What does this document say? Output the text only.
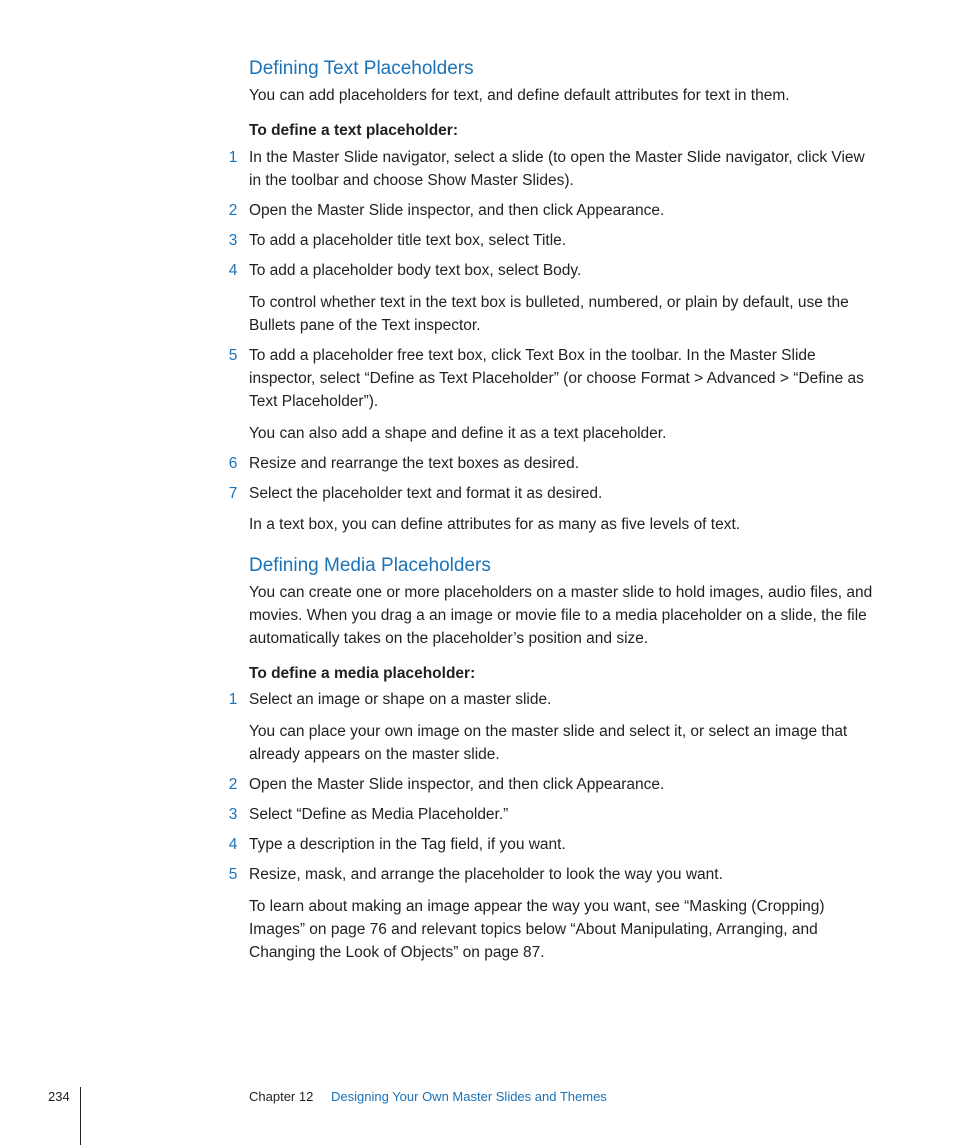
Defining Text Placeholders

You can add placeholders for text, and define default attributes for text in them.

To define a text placeholder:

1 In the Master Slide navigator, select a slide (to open the Master Slide navigator, click View in the toolbar and choose Show Master Slides).
2 Open the Master Slide inspector, and then click Appearance.
3 To add a placeholder title text box, select Title.
4 To add a placeholder body text box, select Body.

To control whether text in the text box is bulleted, numbered, or plain by default, use the Bullets pane of the Text inspector.

5 To add a placeholder free text box, click Text Box in the toolbar. In the Master Slide inspector, select “Define as Text Placeholder” (or choose Format > Advanced > “Define as Text Placeholder”).

You can also add a shape and define it as a text placeholder.

6 Resize and rearrange the text boxes as desired.
7 Select the placeholder text and format it as desired.

In a text box, you can define attributes for as many as five levels of text.

Defining Media Placeholders

You can create one or more placeholders on a master slide to hold images, audio files, and movies. When you drag a an image or movie file to a media placeholder on a slide, the file automatically takes on the placeholder’s position and size.

To define a media placeholder:

1 Select an image or shape on a master slide.

You can place your own image on the master slide and select it, or select an image that already appears on the master slide.

2 Open the Master Slide inspector, and then click Appearance.
3 Select “Define as Media Placeholder.”
4 Type a description in the Tag field, if you want.
5 Resize, mask, and arrange the placeholder to look the way you want.

To learn about making an image appear the way you want, see “Masking (Cropping) Images” on page 76 and relevant topics below “About Manipulating, Arranging, and Changing the Look of Objects” on page 87.

234	Chapter 12 Designing Your Own Master Slides and Themes
